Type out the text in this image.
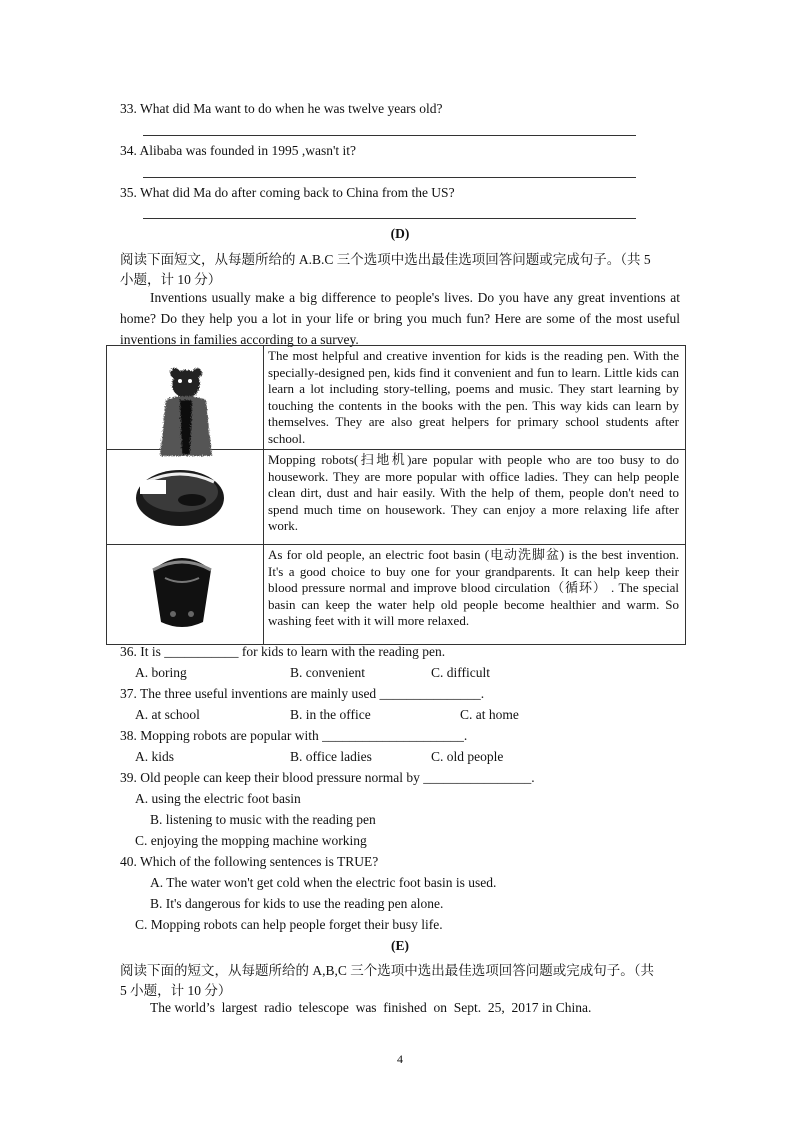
33. What did Ma want to do when he was twelve years old?
34. Alibaba was founded in 1995 ,wasn't it?
35. What did Ma do after coming back to China from the US?
(D)
阅读下面短文，从每题所给的 A.B.C 三个选项中选出最佳选项回答问题或完成句子。（共 5
小题，计 10 分）
Inventions usually make a big difference to people's lives. Do you have any great inventions at home? Do they help you a lot in your life or bring you much fun? Here are some of the most useful inventions in families according to a survey.
	The most helpful and creative invention for kids is the reading pen. With the specially-designed pen, kids find it convenient and fun to learn. Little kids can learn a lot including story-telling, poems and music. They start learning by touching the contents in the books with the pen. This way kids can learn by themselves. They are also great helpers for primary school students after school.
	Mopping robots(扫地机)are popular with people who are too busy to do housework. They are more popular with office ladies. They can help people clean dirt, dust and hair easily. With the help of them, people don't need to spend much time on housework. They can enjoy a more relaxing life after work.
	As for old people, an electric foot basin (电动洗脚盆) is the best invention. It's a good choice to buy one for your grandparents. It can help keep their blood pressure normal and improve blood circulation（循环） . The special basin can keep the water help old people become healthier and warm. So washing feet with it will more relaxed.
36. It is ___________ for kids to learn with the reading pen.
A. boring	B. convenient	C. difficult
37. The three useful inventions are mainly used _______________.
A. at school	B. in the office	C. at home
38. Mopping robots are popular with _____________________.
A. kids	B. office ladies	C. old people
39. Old people can keep their blood pressure normal by ________________.
A. using the electric foot basin
B. listening to music with the reading pen
C. enjoying the mopping machine working
40. Which of the following sentences is TRUE?
A. The water won't get cold when the electric foot basin is used.
B. It's dangerous for kids to use the reading pen alone.
C. Mopping robots can help people forget their busy life.
(E)
阅读下面的短文，从每题所给的 A,B,C 三个选项中选出最佳选项回答问题或完成句子。（共
5 小题，计 10 分）
The world’s  largest  radio  telescope  was  finished  on  Sept.  25,  2017 in China.
4
